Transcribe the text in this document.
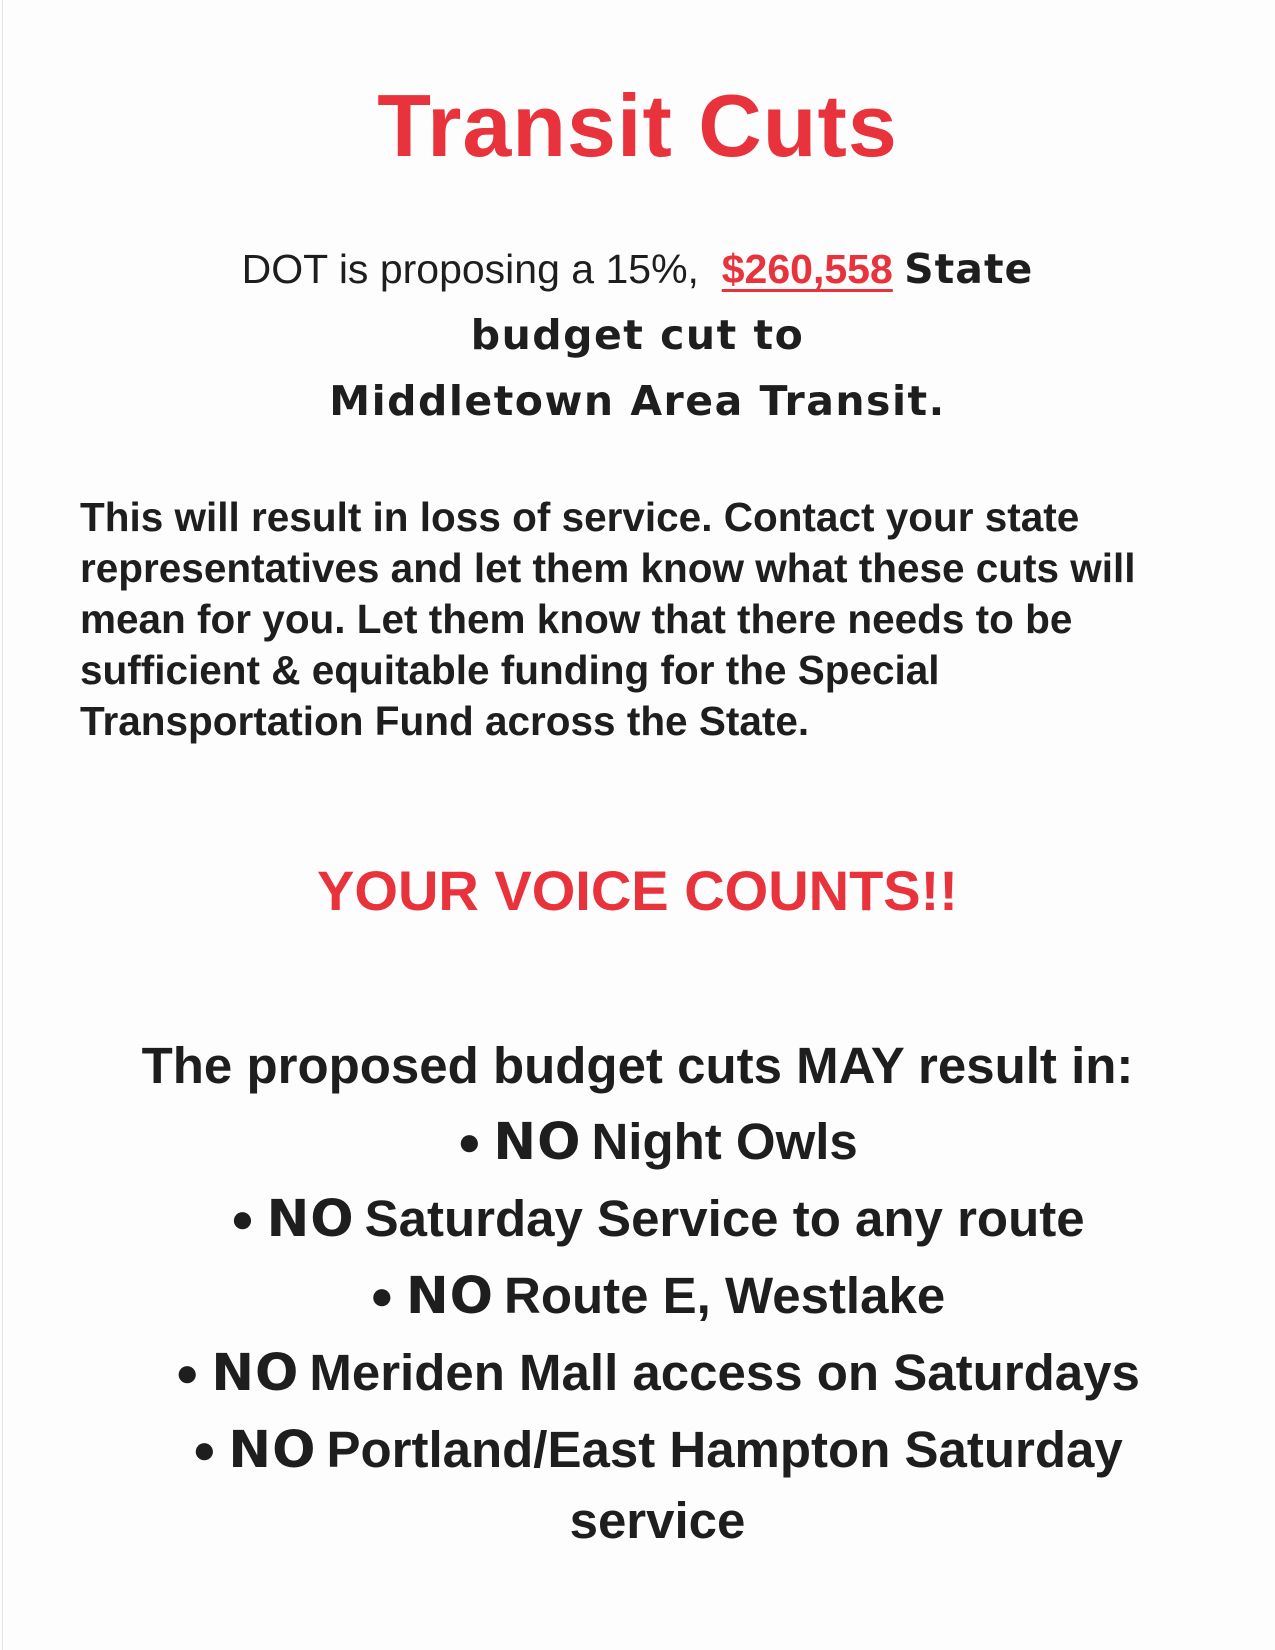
Transit Cuts
DOT is proposing a 15%, $260,558 State
budget cut to
Middletown Area Transit.
This will result in loss of service. Contact your state representatives and let them know what these cuts will mean for you. Let them know that there needs to be sufficient & equitable funding for the Special Transportation Fund across the State.
YOUR VOICE COUNTS!!
The proposed budget cuts MAY result in:
● NO Night Owls
● NO Saturday Service to any route
● NO Route E, Westlake
● NO Meriden Mall access on Saturdays
● NO Portland/East Hampton Saturday
service
